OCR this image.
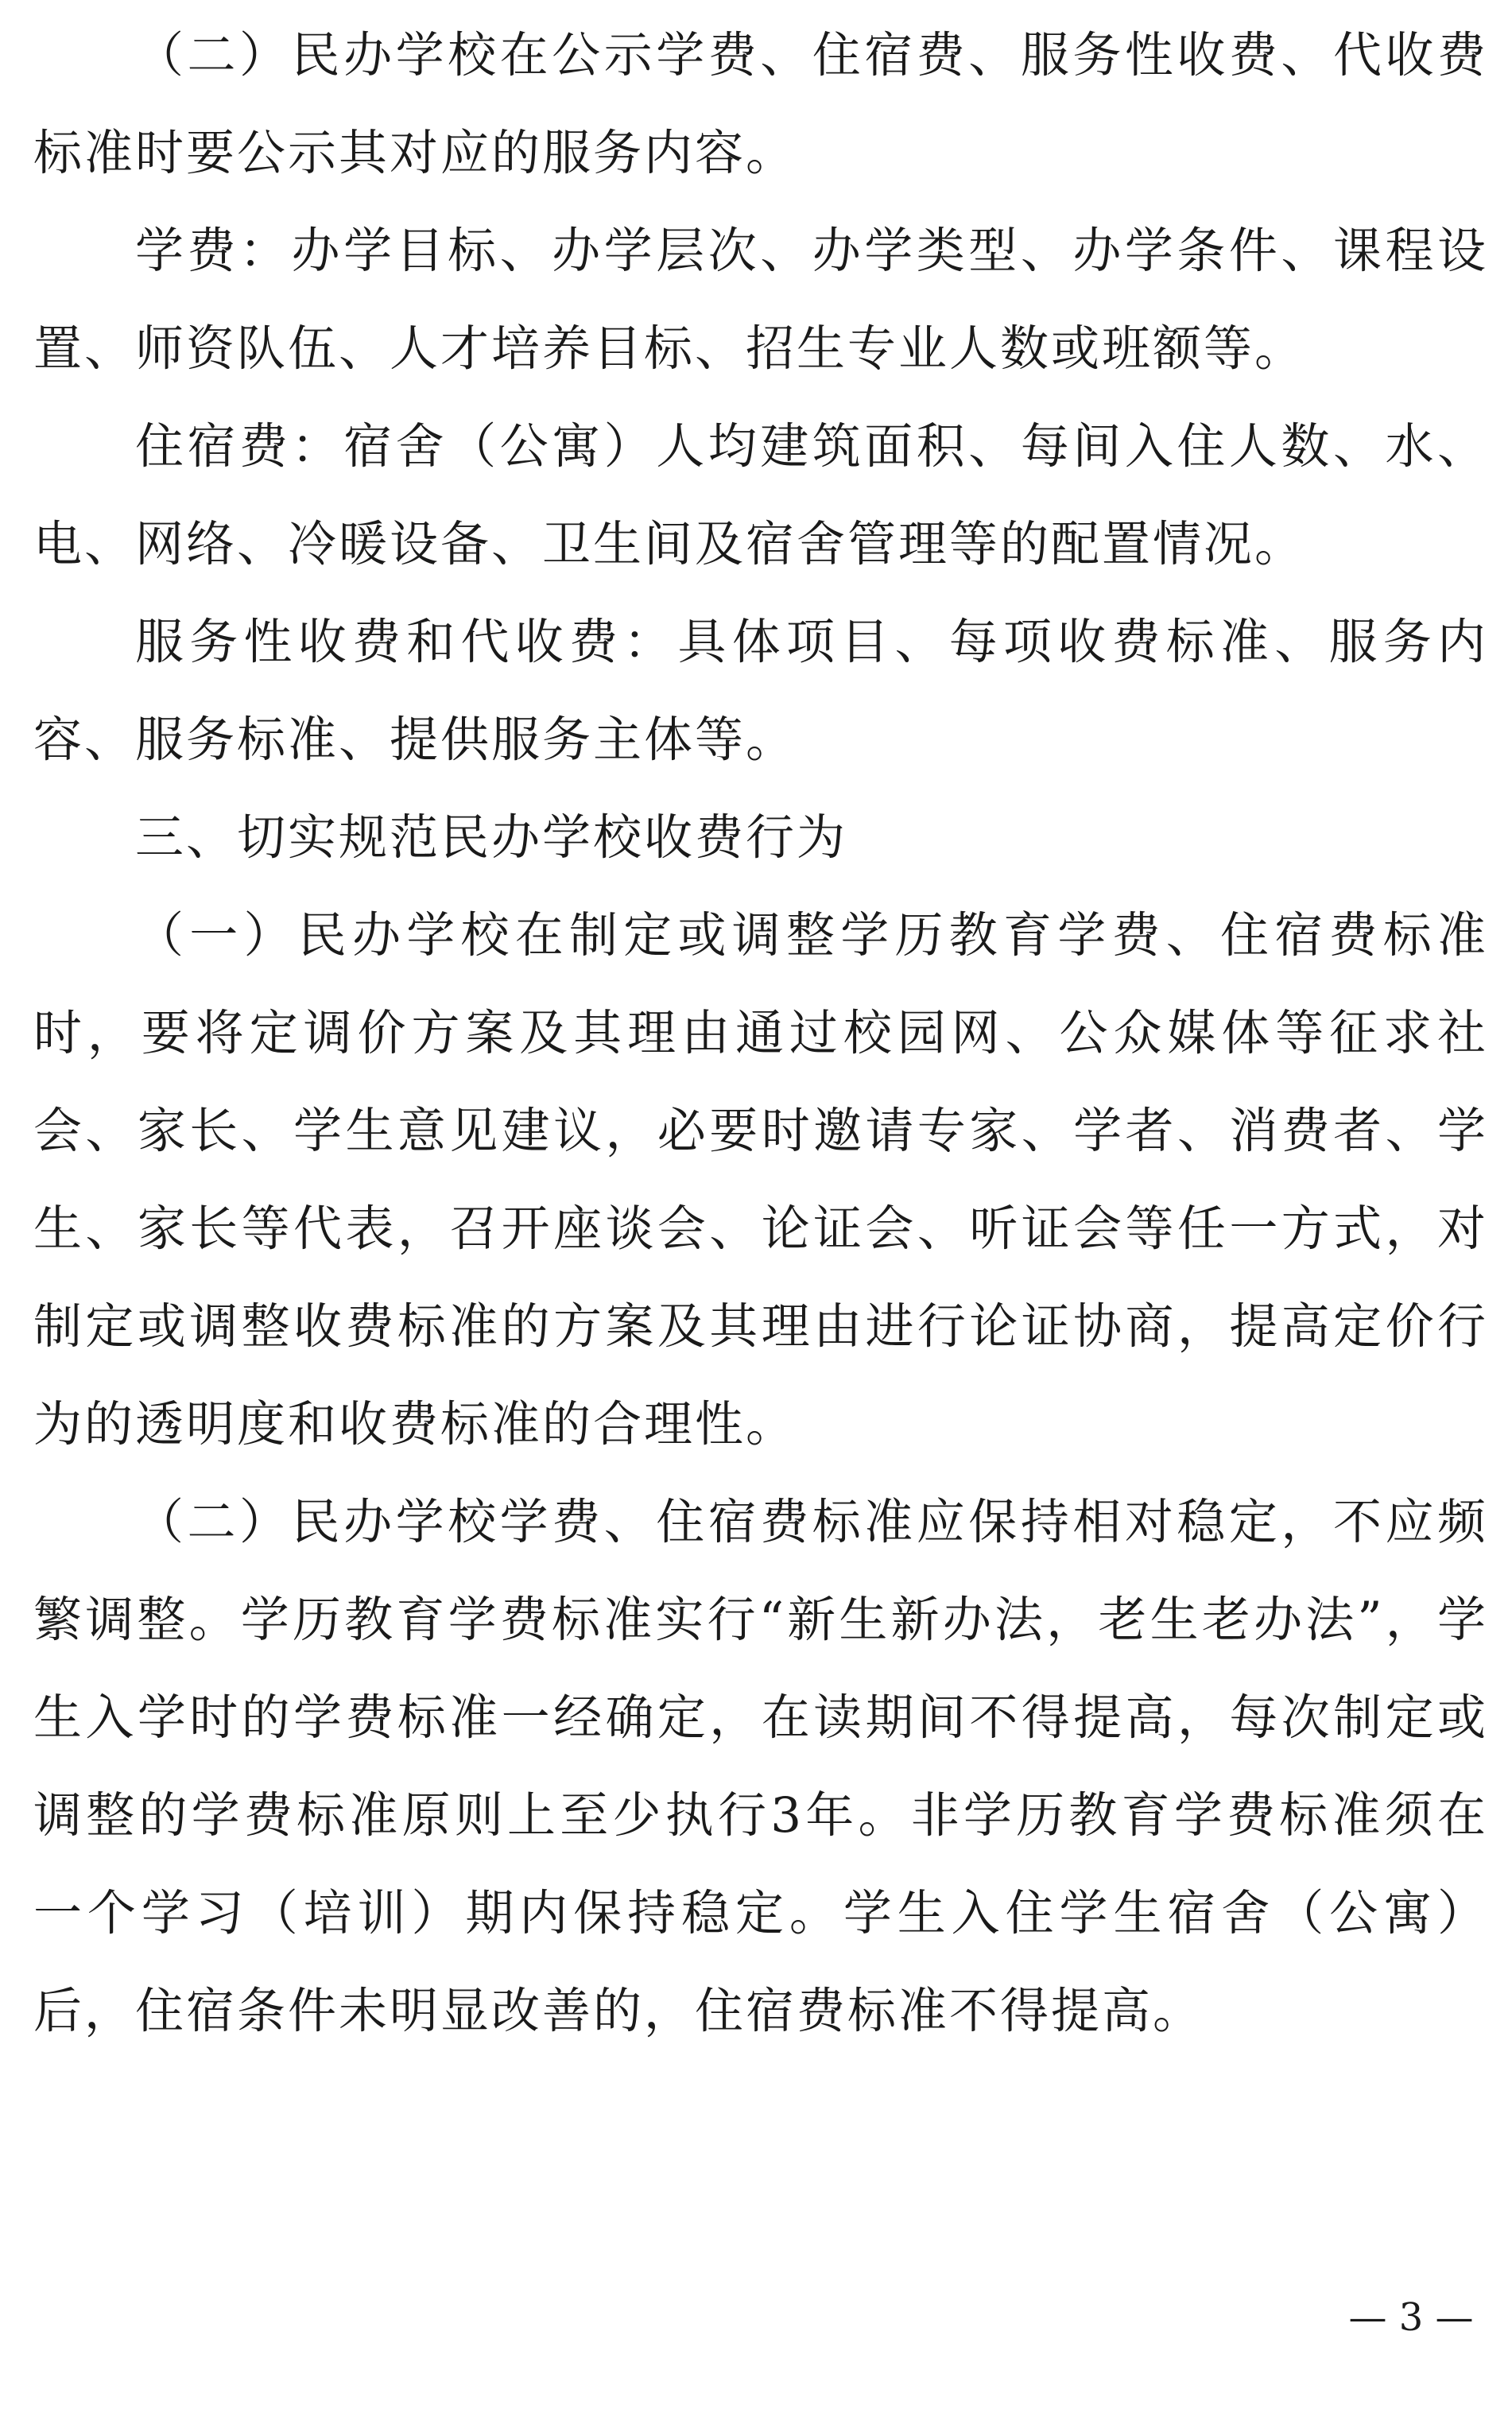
（二）民办学校在公示学费、住宿费、服务性收费、代收费标准时要公示其对应的服务内容。

学费：办学目标、办学层次、办学类型、办学条件、课程设置、师资队伍、人才培养目标、招生专业人数或班额等。

住宿费：宿舍（公寓）人均建筑面积、每间入住人数、水、电、网络、冷暖设备、卫生间及宿舍管理等的配置情况。

服务性收费和代收费：具体项目、每项收费标准、服务内容、服务标准、提供服务主体等。

三、切实规范民办学校收费行为

（一）民办学校在制定或调整学历教育学费、住宿费标准时，要将定调价方案及其理由通过校园网、公众媒体等征求社会、家长、学生意见建议，必要时邀请专家、学者、消费者、学生、家长等代表，召开座谈会、论证会、听证会等任一方式，对制定或调整收费标准的方案及其理由进行论证协商，提高定价行为的透明度和收费标准的合理性。

（二）民办学校学费、住宿费标准应保持相对稳定，不应频繁调整。学历教育学费标准实行“新生新办法，老生老办法”，学生入学时的学费标准一经确定，在读期间不得提高，每次制定或调整的学费标准原则上至少执行3年。非学历教育学费标准须在一个学习（培训）期内保持稳定。学生入住学生宿舍（公寓）后，住宿条件未明显改善的，住宿费标准不得提高。

— 3 —
